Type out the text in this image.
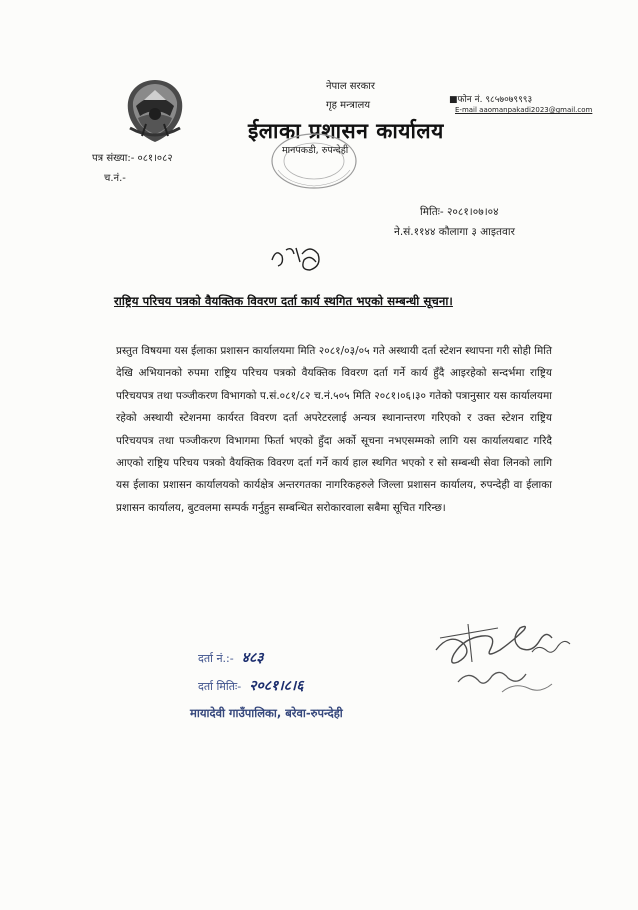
नेपाल सरकार
गृह मन्त्रालय
ईलाका प्रशासन कार्यालय
मानपकडी, रुपन्देही
■फोन नं. ९८५७०७९९९३
E-mail aaomanpakadi2023@gmail.com
पत्र संख्या:- ०८१।०८२
च.नं.-
मितिः- २०८१।०७।०४
ने.सं.११४४ कौलागा ३ आइतवार
राष्ट्रिय परिचय पत्रको वैयक्तिक विवरण दर्ता कार्य स्थगित भएको सम्बन्धी सूचना।
प्रस्तुत विषयमा यस ईलाका प्रशासन कार्यालयमा मिति २०८१/०३/०५ गते अस्थायी दर्ता स्टेशन स्थापना गरी सोही मिति देखि अभियानको रुपमा राष्ट्रिय परिचय पत्रको वैयक्तिक विवरण दर्ता गर्ने कार्य हुँदै आइरहेको सन्दर्भमा राष्ट्रिय परिचयपत्र तथा पञ्जीकरण विभागको प.सं.०८१/८२ च.नं.५०५ मिति २०८१।०६।३० गतेको पत्रानुसार यस कार्यालयमा रहेको अस्थायी स्टेशनमा कार्यरत विवरण दर्ता अपरेटरलाई अन्यत्र स्थानान्तरण गरिएको र उक्त स्टेशन राष्ट्रिय परिचयपत्र तथा पञ्जीकरण विभागमा फिर्ता भएको हुँदा अर्को सूचना नभएसम्मको लागि यस कार्यालयबाट गरिदै आएको राष्ट्रिय परिचय पत्रको वैयक्तिक विवरण दर्ता गर्ने कार्य हाल स्थगित भएको र सो सम्बन्धी सेवा लिनको लागि यस ईलाका प्रशासन कार्यालयको कार्यक्षेत्र अन्तरगतका नागरिकहरुले जिल्ला प्रशासन कार्यालय, रुपन्देही वा ईलाका प्रशासन कार्यालय, बुटवलमा सम्पर्क गर्नुहुन सम्बन्धित सरोकारवाला सबैमा सूचित गरिन्छ।
दर्ता नं.:- ४८३
दर्ता मितिः- २०८१।८।६
मायादेवी गाउँपालिका, बरेवा-रुपन्देही
